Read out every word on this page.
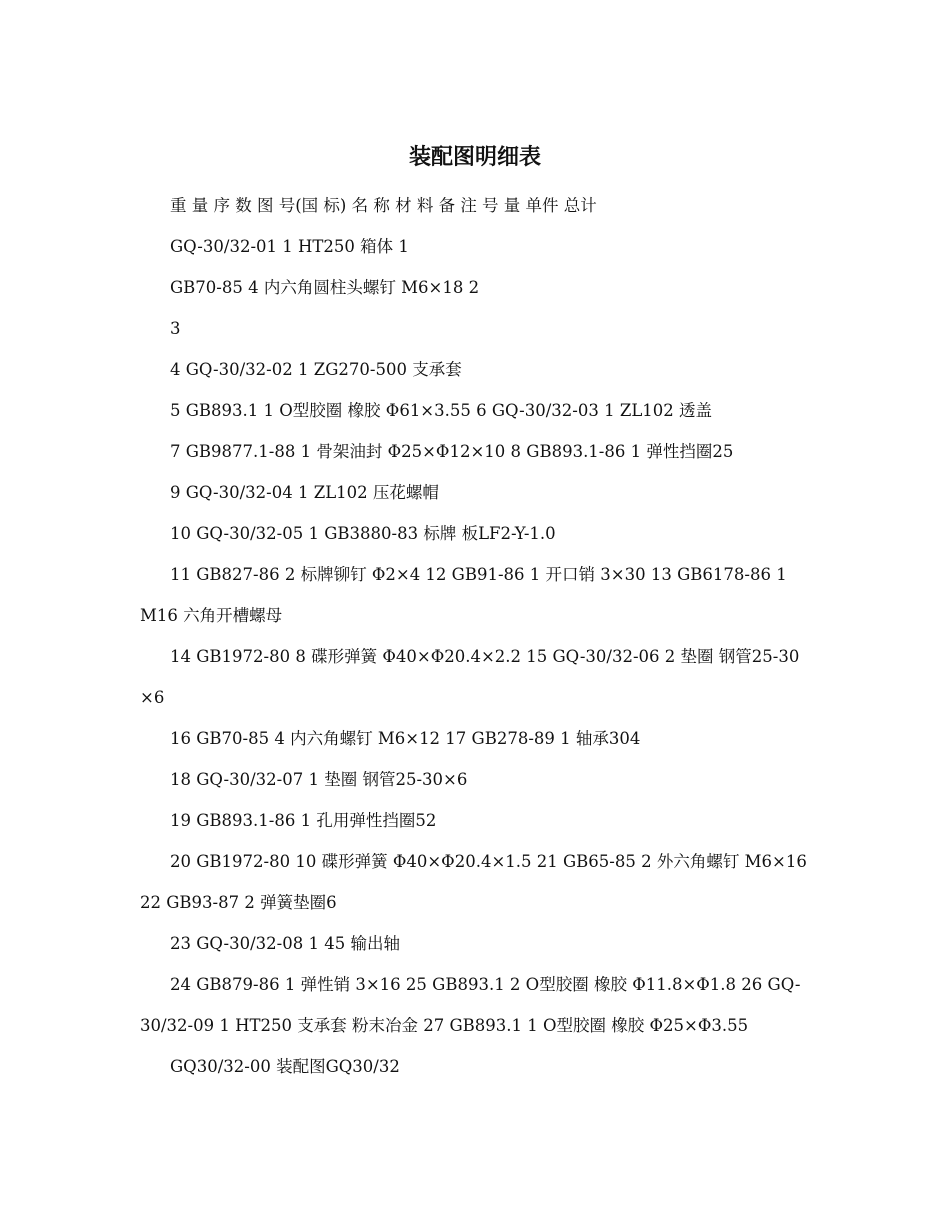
装配图明细表

重 量 序 数 图 号(国 标) 名 称 材 料 备 注 号 量 单件 总计

GQ-30/32-01 1 HT250 箱体 1

GB70-85 4 内六角圆柱头螺钉 M6×18 2

3

4 GQ-30/32-02 1 ZG270-500 支承套

5 GB893.1 1 O型胶圈 橡胶 Φ61×3.55 6 GQ-30/32-03 1 ZL102 透盖

7 GB9877.1-88 1 骨架油封 Φ25×Φ12×10 8 GB893.1-86 1 弹性挡圈25

9 GQ-30/32-04 1 ZL102 压花螺帽

10 GQ-30/32-05 1 GB3880-83 标牌 板LF2-Y-1.0

11 GB827-86 2 标牌铆钉 Φ2×4 12 GB91-86 1 开口销 3×30 13 GB6178-86 1 M16 六角开槽螺母

14 GB1972-80 8 碟形弹簧 Φ40×Φ20.4×2.2 15 GQ-30/32-06 2 垫圈 钢管25-30×6

16 GB70-85 4 内六角螺钉 M6×12 17 GB278-89 1 轴承304

18 GQ-30/32-07 1 垫圈 钢管25-30×6

19 GB893.1-86 1 孔用弹性挡圈52

20 GB1972-80 10 碟形弹簧 Φ40×Φ20.4×1.5 21 GB65-85 2 外六角螺钉 M6×16 22 GB93-87 2 弹簧垫圈6

23 GQ-30/32-08 1 45 输出轴

24 GB879-86 1 弹性销 3×16 25 GB893.1 2 O型胶圈 橡胶 Φ11.8×Φ1.8 26 GQ-30/32-09 1 HT250 支承套 粉末冶金 27 GB893.1 1 O型胶圈 橡胶 Φ25×Φ3.55

GQ30/32-00 装配图GQ30/32
